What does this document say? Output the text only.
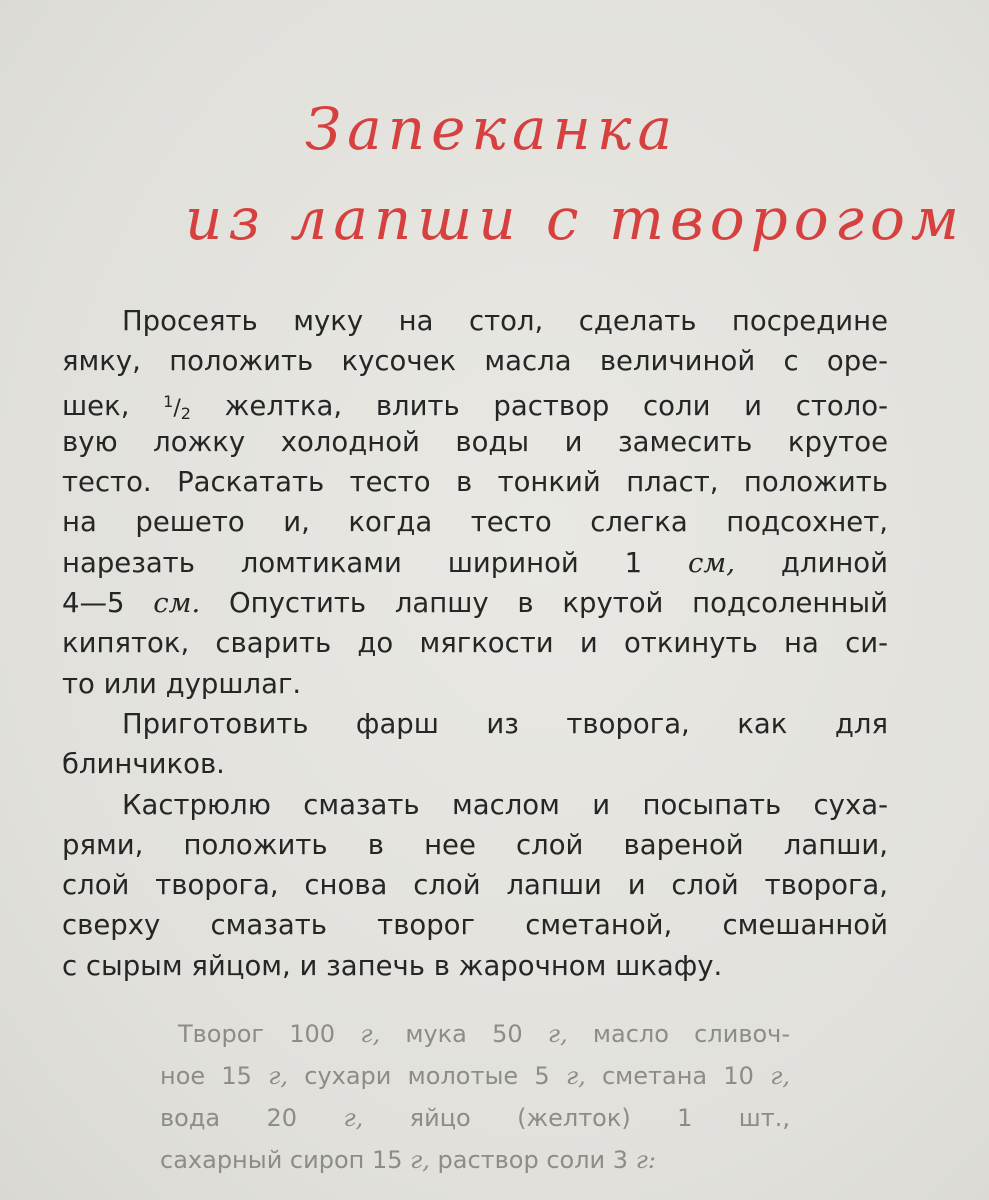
Запеканка
из лапши с творогом
Просеять муку на стол, сделать посредине
ямку, положить кусочек масла величиной с оре-
шек, $^1/_2$ желтка, влить раствор соли и столо-
вую ложку холодной воды и замесить крутое
тесто. Раскатать тесто в тонкий пласт, положить
на решето и, когда тесто слегка подсохнет,
нарезать ломтиками шириной 1 см, длиной
4—5 см. Опустить лапшу в крутой подсоленный
кипяток, сварить до мягкости и откинуть на си-
то или дуршлаг.
Приготовить фарш из творога, как для
блинчиков.
Кастрюлю смазать маслом и посыпать суха-
рями, положить в нее слой вареной лапши,
слой творога, снова слой лапши и слой творога,
сверху смазать творог сметаной, смешанной
с сырым яйцом, и запечь в жарочном шкафу.
Творог 100 г, мука 50 г, масло сливоч-
ное 15 г, сухари молотые 5 г, сметана 10 г,
вода 20 г, яйцо (желток) 1 шт.,
сахарный сироп 15 г, раствор соли 3 г:
